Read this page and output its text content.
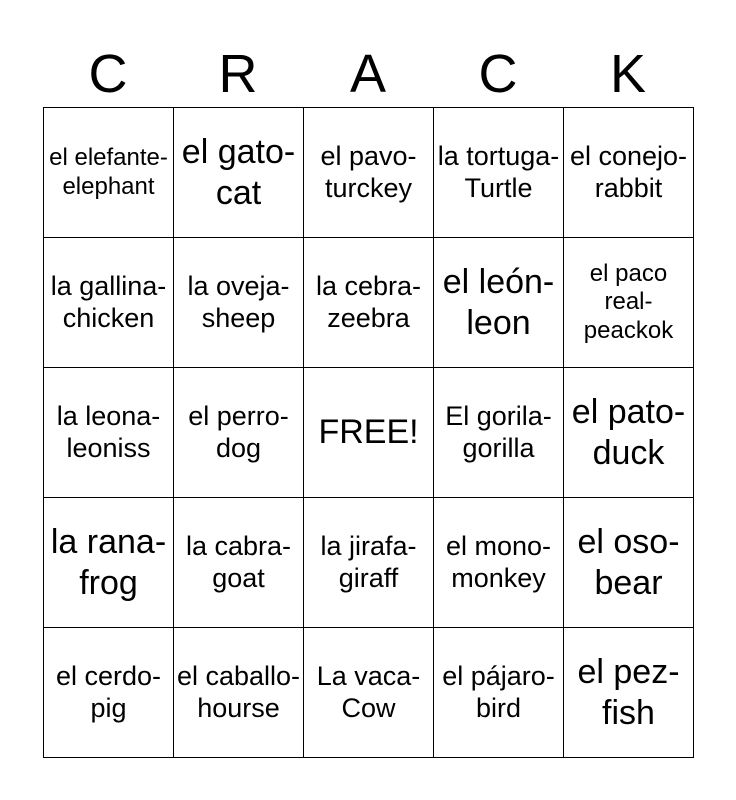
C	R	A	C	K
el elefante-elephant	el gato-cat	el pavo-turckey	la tortuga-Turtle	el conejo-rabbit
la gallina-chicken	la oveja-sheep	la cebra-zeebra	el león-leon	el paco real-peackok
la leona-leoniss	el perro-dog	FREE!	El gorila-gorilla	el pato-duck
la rana-frog	la cabra-goat	la jirafa-giraff	el mono-monkey	el oso-bear
el cerdo-pig	el caballo-hourse	La vaca-Cow	el pájaro-bird	el pez-fish
